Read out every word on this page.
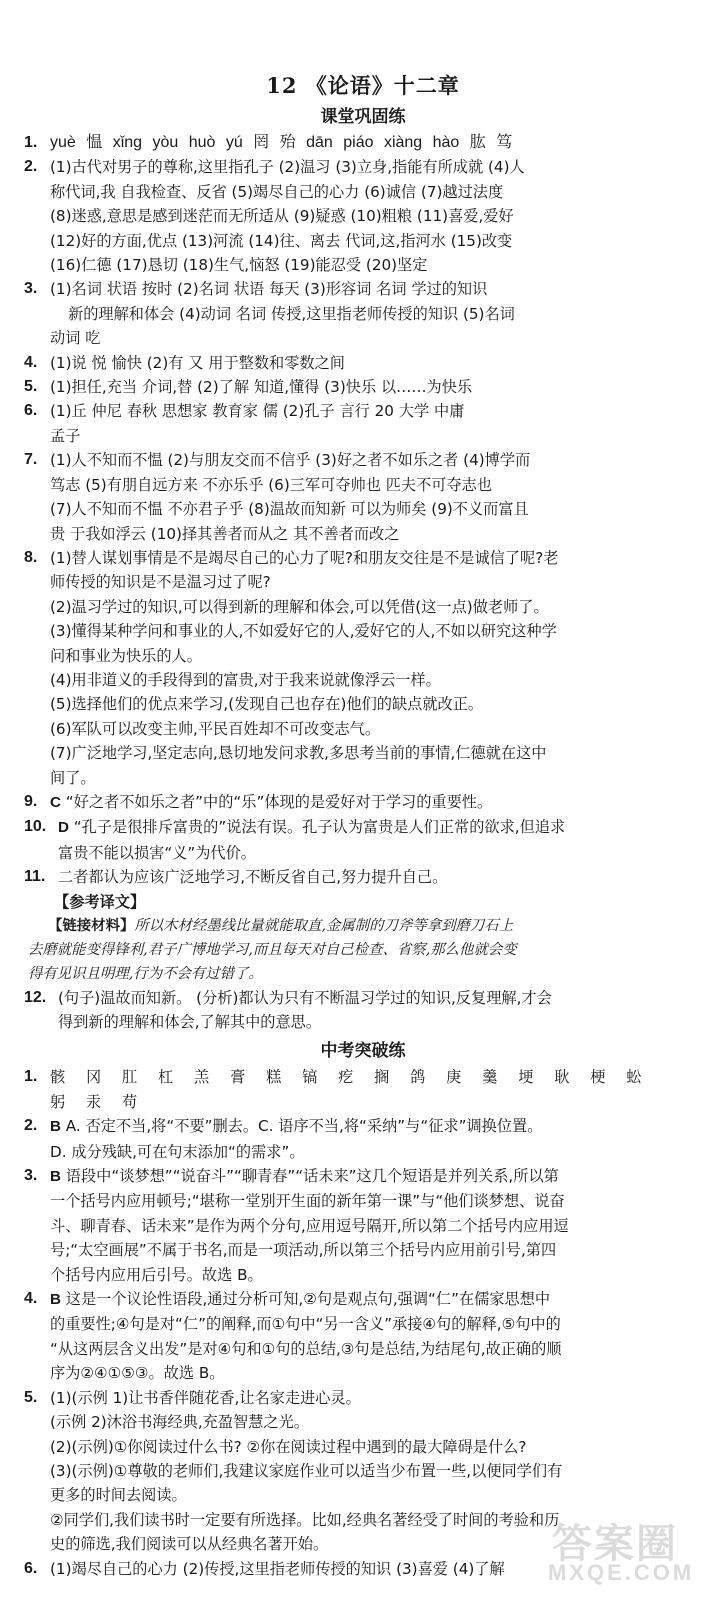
12 《论语》十二章
课堂巩固练
1. yuè 愠 xǐng yòu huò yú 罔 殆 dān piáo xiàng hào 肱 笃
2. (1)古代对男子的尊称,这里指孔子 (2)温习 (3)立身,指能有所成就 (4)人
称代词,我 自我检查、反省 (5)竭尽自己的心力 (6)诚信 (7)越过法度
(8)迷惑,意思是感到迷茫而无所适从 (9)疑惑 (10)粗粮 (11)喜爱,爱好
(12)好的方面,优点 (13)河流 (14)往、离去 代词,这,指河水 (15)改变
(16)仁德 (17)恳切 (18)生气,恼怒 (19)能忍受 (20)坚定
3. (1)名词 状语 按时 (2)名词 状语 每天 (3)形容词 名词 学过的知识
新的理解和体会 (4)动词 名词 传授,这里指老师传授的知识 (5)名词
动词 吃
4. (1)说 悦 愉快 (2)有 又 用于整数和零数之间
5. (1)担任,充当 介词,替 (2)了解 知道,懂得 (3)快乐 以……为快乐
6. (1)丘 仲尼 春秋 思想家 教育家 儒 (2)孔子 言行 20 大学 中庸
孟子
7. (1)人不知而不愠 (2)与朋友交而不信乎 (3)好之者不如乐之者 (4)博学而
笃志 (5)有朋自远方来 不亦乐乎 (6)三军可夺帅也 匹夫不可夺志也
(7)人不知而不愠 不亦君子乎 (8)温故而知新 可以为师矣 (9)不义而富且
贵 于我如浮云 (10)择其善者而从之 其不善者而改之
8. (1)替人谋划事情是不是竭尽自己的心力了呢?和朋友交往是不是诚信了呢?老
师传授的知识是不是温习过了呢?
(2)温习学过的知识,可以得到新的理解和体会,可以凭借(这一点)做老师了。
(3)懂得某种学问和事业的人,不如爱好它的人,爱好它的人,不如以研究这种学
问和事业为快乐的人。
(4)用非道义的手段得到的富贵,对于我来说就像浮云一样。
(5)选择他们的优点来学习,(发现自己也存在)他们的缺点就改正。
(6)军队可以改变主帅,平民百姓却不可改变志气。
(7)广泛地学习,坚定志向,恳切地发问求教,多思考当前的事情,仁德就在这中
间了。
9. C “好之者不如乐之者”中的“乐”体现的是爱好对于学习的重要性。
10. D “孔子是很排斥富贵的”说法有误。孔子认为富贵是人们正常的欲求,但追求
富贵不能以损害“义”为代价。
11. 二者都认为应该广泛地学习,不断反省自己,努力提升自己。
【参考译文】
【链接材料】所以木材经墨线比量就能取直,金属制的刀斧等拿到磨刀石上
去磨就能变得锋利,君子广博地学习,而且每天对自己检查、省察,那么他就会变
得有见识且明理,行为不会有过错了。
12. (句子)温故而知新。 (分析)都认为只有不断温习学过的知识,反复理解,才会
得到新的理解和体会,了解其中的意思。
中考突破练
1. 骸 冈 肛 杠 羔 膏 糕 镐 疙 搁 鸽 庚 羹 埂 耿 梗 蚣
躬 汞 苟
2. B A. 否定不当,将“不要”删去。C. 语序不当,将“采纳”与“征求”调换位置。
D. 成分残缺,可在句末添加“的需求”。
3. B 语段中“谈梦想”“说奋斗”“聊青春”“话未来”这几个短语是并列关系,所以第
一个括号内应用顿号;“堪称一堂别开生面的新年第一课”与“他们谈梦想、说奋
斗、聊青春、话未来”是作为两个分句,应用逗号隔开,所以第二个括号内应用逗
号;“太空画展”不属于书名,而是一项活动,所以第三个括号内应用前引号,第四
个括号内应用后引号。故选 B。
4. B 这是一个议论性语段,通过分析可知,②句是观点句,强调“仁”在儒家思想中
的重要性;④句是对“仁”的阐释,而①句中“另一含义”承接④句的解释,⑤句中的
“从这两层含义出发”是对④句和①句的总结,③句是总结,为结尾句,故正确的顺
序为②④①⑤③。故选 B。
5. (1)(示例 1)让书香伴随花香,让名家走进心灵。
(示例 2)沐浴书海经典,充盈智慧之光。
(2)(示例)①你阅读过什么书? ②你在阅读过程中遇到的最大障碍是什么?
(3)(示例)①尊敬的老师们,我建议家庭作业可以适当少布置一些,以便同学们有
更多的时间去阅读。
②同学们,我们读书时一定要有所选择。比如,经典名著经受了时间的考验和历
史的筛选,我们阅读可以从经典名著开始。
6. (1)竭尽自己的心力 (2)传授,这里指老师传授的知识 (3)喜爱 (4)了解
答案圈
MXQE.COM
